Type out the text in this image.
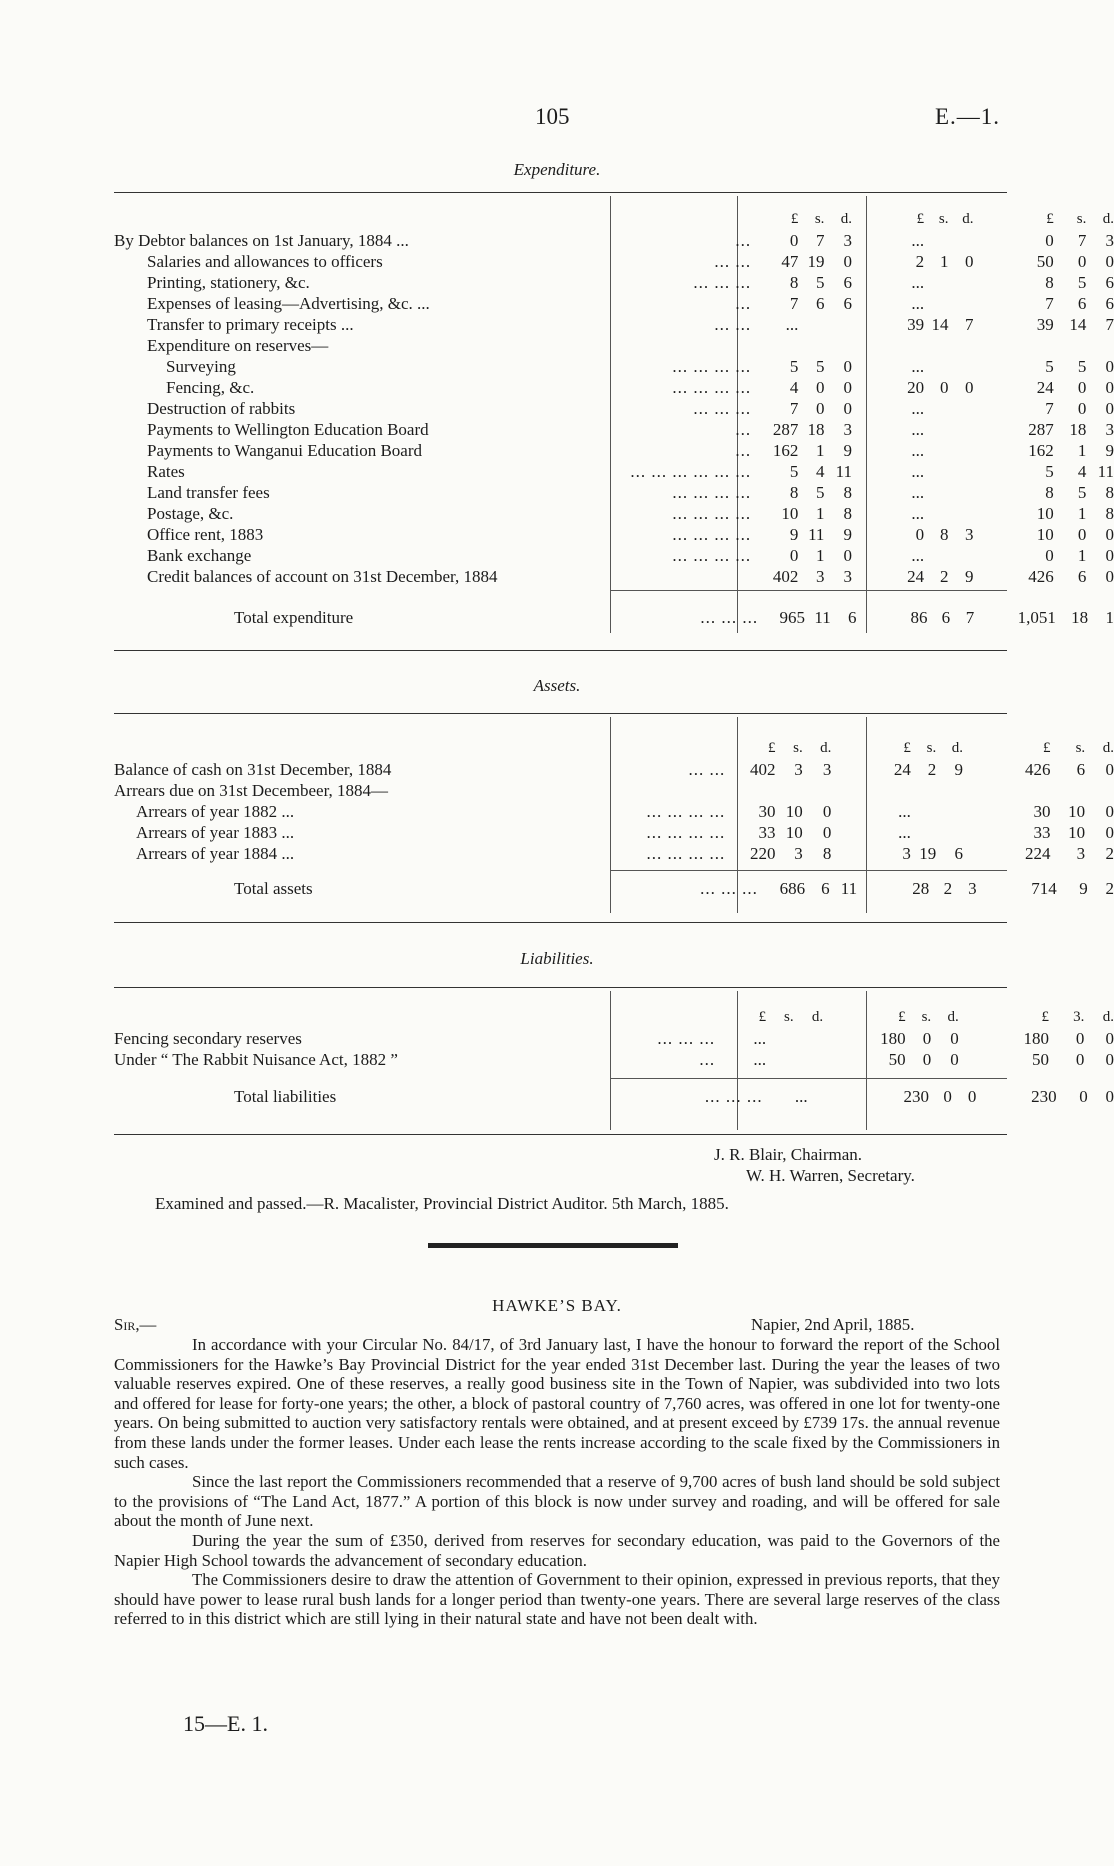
105	E.—1.
Expenditure.
		£	s.	d.		£	s.	d.		£	s.	d.
By Debtor balances on 1st January, 1884 ...	...	0	7	3		...				0	7	3
Salaries and allowances to officers	... ...	47	19	0		2	1	0		50	0	0
Printing, stationery, &c.	... ... ...	8	5	6		...				8	5	6
Expenses of leasing—Advertising, &c. ...	...	7	6	6		...				7	6	6
Transfer to primary receipts ...	... ...	...				39	14	7		39	14	7
Expenditure on reserves—												
Surveying	... ... ... ...	5	5	0		...				5	5	0
Fencing, &c.	... ... ... ...	4	0	0		20	0	0		24	0	0
Destruction of rabbits	... ... ...	7	0	0		...				7	0	0
Payments to Wellington Education Board	...	287	18	3		...				287	18	3
Payments to Wanganui Education Board	...	162	1	9		...				162	1	9
Rates	... ... ... ... ... ...	5	4	11		...				5	4	11
Land transfer fees	... ... ... ...	8	5	8		...				8	5	8
Postage, &c.	... ... ... ...	10	1	8		...				10	1	8
Office rent, 1883	... ... ... ...	9	11	9		0	8	3		10	0	0
Bank exchange	... ... ... ...	0	1	0		...				0	1	0
Credit balances of account on 31st December, 1884		402	3	3		24	2	9		426	6	0
Total expenditure	... ... ...	965	11	6		86	6	7		1,051	18	1
Assets.
		£	s.	d.		£	s.	d.		£	s.	d.
Balance of cash on 31st December, 1884	... ...	402	3	3		24	2	9		426	6	0
Arrears due on 31st Decembeer, 1884—												
Arrears of year 1882 ...	... ... ... ...	30	10	0		...				30	10	0
Arrears of year 1883 ...	... ... ... ...	33	10	0		...				33	10	0
Arrears of year 1884 ...	... ... ... ...	220	3	8		3	19	6		224	3	2
Total assets	... ... ...	686	6	11		28	2	3		714	9	2
Liabilities.
		£	s.	d.		£	s.	d.		£	3.	d.
Fencing secondary reserves	... ... ...	...				180	0	0		180	0	0
Under “ The Rabbit Nuisance Act, 1882 ”	...	...				50	0	0		50	0	0
Total liabilities	... ... ...	...				230	0	0		230	0	0
J. R. Blair, Chairman.
W. H. Warren, Secretary.
Examined and passed.—R. Macalister, Provincial District Auditor. 5th March, 1885.
HAWKE’S BAY.
Sir,—	Napier, 2nd April, 1885.

In accordance with your Circular No. 84/17, of 3rd January last, I have the honour to forward the report of the School Commissioners for the Hawke’s Bay Provincial District for the year ended 31st December last. During the year the leases of two valuable reserves expired. One of these reserves, a really good business site in the Town of Napier, was subdivided into two lots and offered for lease for forty-one years; the other, a block of pastoral country of 7,760 acres, was offered in one lot for twenty-one years. On being submitted to auction very satisfactory rentals were obtained, and at present exceed by £739 17s. the annual revenue from these lands under the former leases. Under each lease the rents increase according to the scale fixed by the Commissioners in such cases.

Since the last report the Commissioners recommended that a reserve of 9,700 acres of bush land should be sold subject to the provisions of “The Land Act, 1877.” A portion of this block is now under survey and roading, and will be offered for sale about the month of June next.

During the year the sum of £350, derived from reserves for secondary education, was paid to the Governors of the Napier High School towards the advancement of secondary education.

The Commissioners desire to draw the attention of Government to their opinion, expressed in previous reports, that they should have power to lease rural bush lands for a longer period than twenty-one years. There are several large reserves of the class referred to in this district which are still lying in their natural state and have not been dealt with.

15—E. 1.
